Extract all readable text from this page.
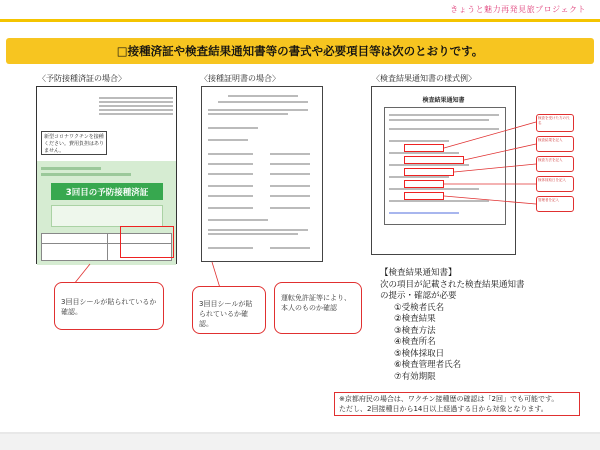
きょうと魅力再発見旅プロジェクト
□接種済証や検査結果通知書等の書式や必要項目等は次のとおりです。
〈予防接種済証の場合〉	〈接種証明書の場合〉	〈検査結果通知書の様式例〉
新型コロナワクチンを接種ください。費用負担はありません。
3回目の予防接種済証
検査結果通知書
検査を受けた方の氏名
検査結果を記入
検査方法を記入
検体採取日を記入
管理者を記入
3回目シールが貼られているか確認。
3回目シールが貼られているか確認。
運転免許証等により、本人のものか確認
【検査結果通知書】
次の項目が記載された検査結果通知書の提示・確認が必要
①受検者氏名
②検査結果
③検査方法
④検査所名
⑤検体採取日
⑥検査管理者氏名
⑦有効期限
※京都府民の場合は、ワクチン接種歴の確認は「2回」でも可能です。
ただし、2回接種日から14日以上経過する日から対象となります。
